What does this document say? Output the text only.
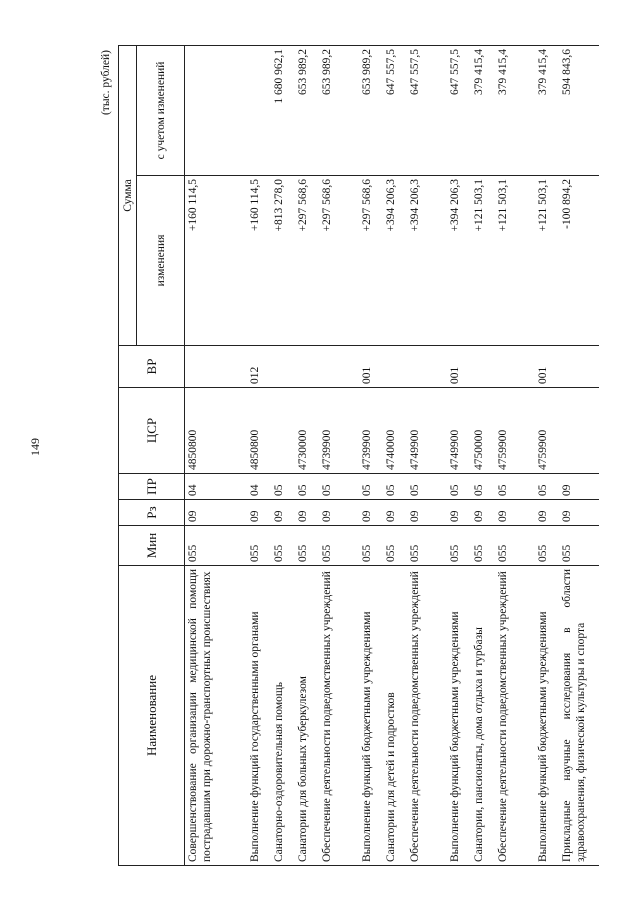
149
(тыс. рублей)
Наименование	Мин	Рз	ПР	ЦСР	ВР	Сумма	
						изменения	с учетом изменений
Совершенствование организации медицинской помощи пострадавшим при дорожно-транспортных происшествиях	055	09	04	4850800		+160 114,5	
Выполнение функций государственными органами	055	09	04	4850800	012	+160 114,5	
Санаторно-оздоровительная помощь	055	09	05			+813 278,0	1 680 962,1
Санатории для больных туберкулезом	055	09	05	4730000		+297 568,6	653 989,2
Обеспечение деятельности подведомственных учреждений	055	09	05	4739900		+297 568,6	653 989,2
Выполнение функций бюджетными учреждениями	055	09	05	4739900	001	+297 568,6	653 989,2
Санатории для детей и подростков	055	09	05	4740000		+394 206,3	647 557,5
Обеспечение деятельности подведомственных учреждений	055	09	05	4749900		+394 206,3	647 557,5
Выполнение функций бюджетными учреждениями	055	09	05	4749900	001	+394 206,3	647 557,5
Санатории, пансионаты, дома отдыха и турбазы	055	09	05	4750000		+121 503,1	379 415,4
Обеспечение деятельности подведомственных учреждений	055	09	05	4759900		+121 503,1	379 415,4
Выполнение функций бюджетными учреждениями	055	09	05	4759900	001	+121 503,1	379 415,4
Прикладные научные исследования в области здравоохранения, физической культуры и спорта	055	09	09			-100 894,2	594 843,6
